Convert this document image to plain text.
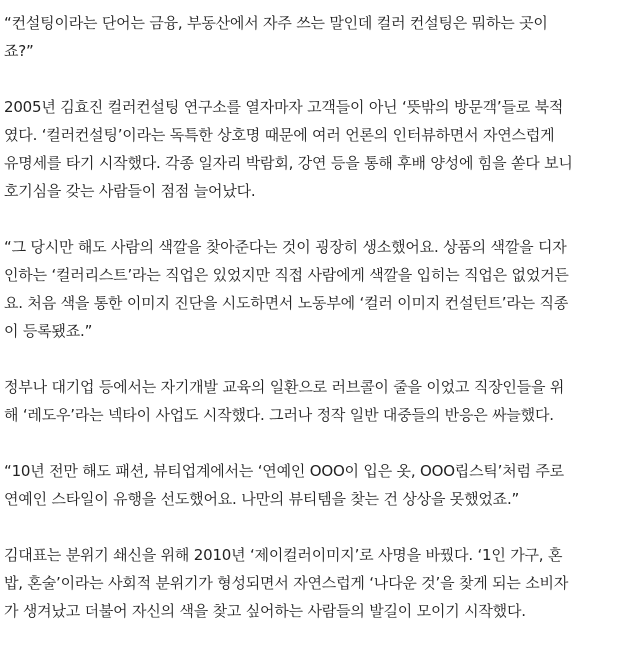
“컨설팅이라는 단어는 금융, 부동산에서 자주 쓰는 말인데 컬러 컨설팅은 뭐하는 곳이
죠?”
2005년 김효진 컬러컨설팅 연구소를 열자마자 고객들이 아닌 ‘뜻밖의 방문객’들로 북적
였다. ‘컬러컨설팅’이라는 독특한 상호명 때문에 여러 언론의 인터뷰하면서 자연스럽게
유명세를 타기 시작했다. 각종 일자리 박람회, 강연 등을 통해 후배 양성에 힘을 쏟다 보니
호기심을 갖는 사람들이 점점 늘어났다.
“그 당시만 해도 사람의 색깔을 찾아준다는 것이 굉장히 생소했어요. 상품의 색깔을 디자
인하는 ‘컬러리스트’라는 직업은 있었지만 직접 사람에게 색깔을 입히는 직업은 없었거든
요. 처음 색을 통한 이미지 진단을 시도하면서 노동부에 ‘컬러 이미지 컨설턴트’라는 직종
이 등록됐죠.”
정부나 대기업 등에서는 자기개발 교육의 일환으로 러브콜이 줄을 이었고 직장인들을 위
해 ‘레도우’라는 넥타이 사업도 시작했다. 그러나 정작 일반 대중들의 반응은 싸늘했다.
“10년 전만 해도 패션, 뷰티업계에서는 ‘연예인 OOO이 입은 옷, OOO립스틱’처럼 주로
연예인 스타일이 유행을 선도했어요. 나만의 뷰티템을 찾는 건 상상을 못했었죠.”
김대표는 분위기 쇄신을 위해 2010년 ‘제이컬러이미지’로 사명을 바꿨다. ‘1인 가구, 혼
밥, 혼술’이라는 사회적 분위기가 형성되면서 자연스럽게 ‘나다운 것’을 찾게 되는 소비자
가 생겨났고 더불어 자신의 색을 찾고 싶어하는 사람들의 발길이 모이기 시작했다.
